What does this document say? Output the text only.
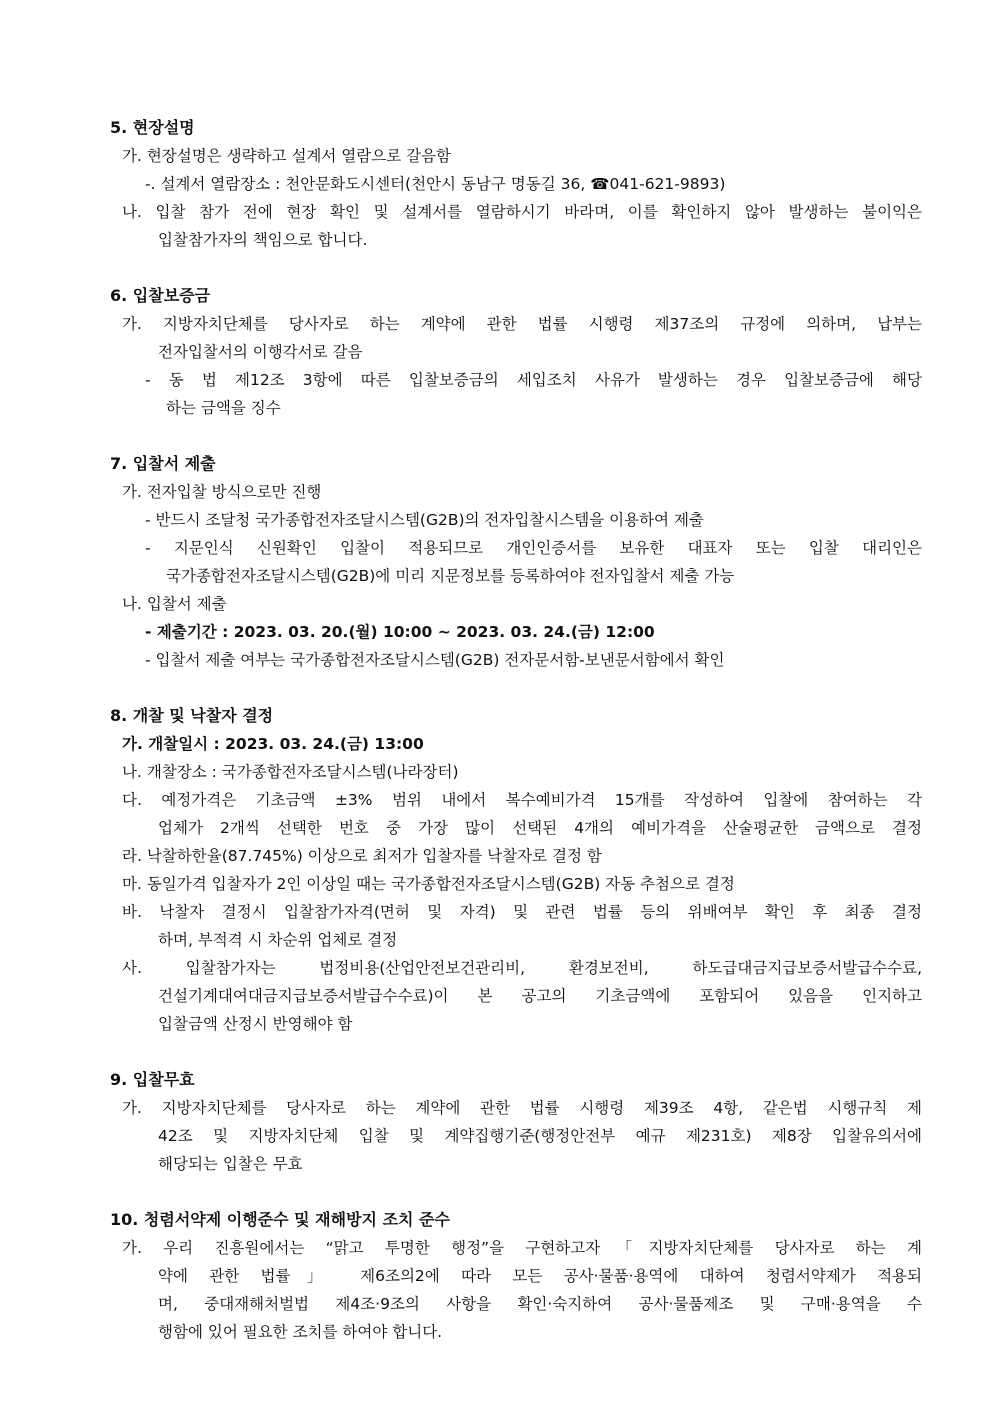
5. 현장설명
가. 현장설명은 생략하고 설계서 열람으로 갈음함
-. 설계서 열람장소 : 천안문화도시센터(천안시 동남구 명동길 36, ☎041-621-9893)
나. 입찰 참가 전에 현장 확인 및 설계서를 열람하시기 바라며, 이를 확인하지 않아 발생하는 불이익은
입찰참가자의 책임으로 합니다.
6. 입찰보증금
가. 지방자치단체를 당사자로 하는 계약에 관한 법률 시행령 제37조의 규정에 의하며, 납부는
전자입찰서의 이행각서로 갈음
- 동 법 제12조 3항에 따른 입찰보증금의 세입조치 사유가 발생하는 경우 입찰보증금에 해당
하는 금액을 징수
7. 입찰서 제출
가. 전자입찰 방식으로만 진행
- 반드시 조달청 국가종합전자조달시스템(G2B)의 전자입찰시스템을 이용하여 제출
- 지문인식 신원확인 입찰이 적용되므로 개인인증서를 보유한 대표자 또는 입찰 대리인은
국가종합전자조달시스템(G2B)에 미리 지문정보를 등록하여야 전자입찰서 제출 가능
나. 입찰서 제출
- 제출기간 : 2023. 03. 20.(월) 10:00 ~ 2023. 03. 24.(금) 12:00
- 입찰서 제출 여부는 국가종합전자조달시스템(G2B) 전자문서함-보낸문서함에서 확인
8. 개찰 및 낙찰자 결정
가. 개찰일시 : 2023. 03. 24.(금) 13:00
나. 개찰장소 : 국가종합전자조달시스템(나라장터)
다. 예정가격은 기초금액 ±3% 범위 내에서 복수예비가격 15개를 작성하여 입찰에 참여하는 각
업체가 2개씩 선택한 번호 중 가장 많이 선택된 4개의 예비가격을 산술평균한 금액으로 결정
라. 낙찰하한율(87.745%) 이상으로 최저가 입찰자를 낙찰자로 결정 함
마. 동일가격 입찰자가 2인 이상일 때는 국가종합전자조달시스템(G2B) 자동 추첨으로 결정
바. 낙찰자 결정시 입찰참가자격(면허 및 자격) 및 관련 법률 등의 위배여부 확인 후 최종 결정
하며, 부적격 시 차순위 업체로 결정
사. 입찰참가자는 법정비용(산업안전보건관리비, 환경보전비, 하도급대금지급보증서발급수수료,
건설기계대여대금지급보증서발급수수료)이 본 공고의 기초금액에 포함되어 있음을 인지하고
입찰금액 산정시 반영해야 함
9. 입찰무효
가. 지방자치단체를 당사자로 하는 계약에 관한 법률 시행령 제39조 4항, 같은법 시행규칙 제
42조 및 지방자치단체 입찰 및 계약집행기준(행정안전부 예규 제231호) 제8장 입찰유의서에
해당되는 입찰은 무효
10. 청렴서약제 이행준수 및 재해방지 조치 준수
가. 우리 진흥원에서는 “맑고 투명한 행정”을 구현하고자「지방자치단체를 당사자로 하는 계
약에 관한 법률」 제6조의2에 따라 모든 공사·물품·용역에 대하여 청렴서약제가 적용되
며, 중대재해처벌법 제4조·9조의 사항을 확인·숙지하여 공사·물품제조 및 구매·용역을 수
행함에 있어 필요한 조치를 하여야 합니다.
